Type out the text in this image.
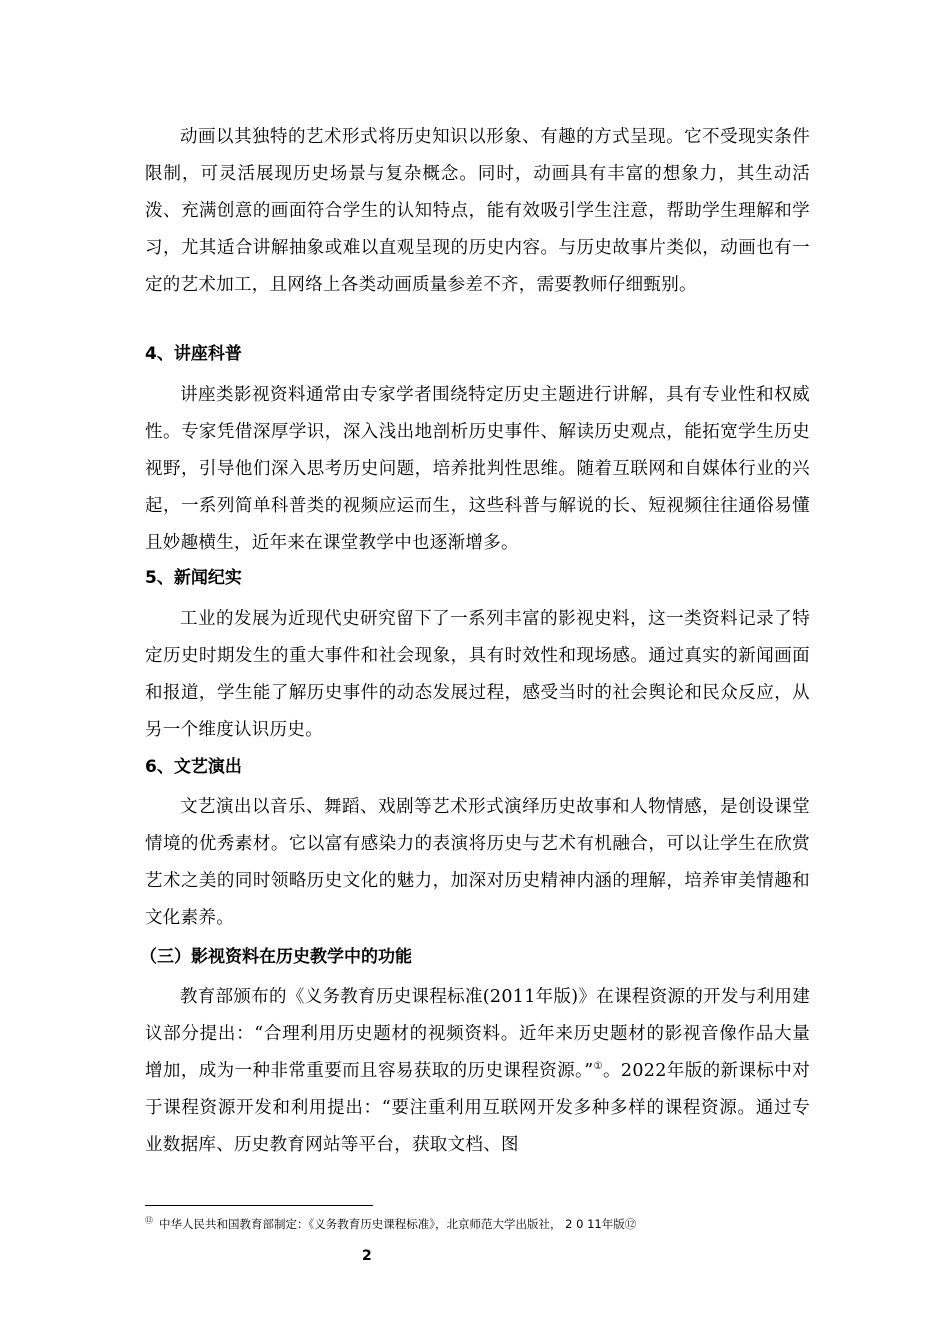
动画以其独特的艺术形式将历史知识以形象、有趣的方式呈现。它不受现实条件限制，可灵活展现历史场景与复杂概念。同时，动画具有丰富的想象力，其生动活泼、充满创意的画面符合学生的认知特点，能有效吸引学生注意，帮助学生理解和学习，尤其适合讲解抽象或难以直观呈现的历史内容。与历史故事片类似，动画也有一定的艺术加工，且网络上各类动画质量参差不齐，需要教师仔细甄别。

4、讲座科普

讲座类影视资料通常由专家学者围绕特定历史主题进行讲解，具有专业性和权威性。专家凭借深厚学识，深入浅出地剖析历史事件、解读历史观点，能拓宽学生历史视野，引导他们深入思考历史问题，培养批判性思维。随着互联网和自媒体行业的兴起，一系列简单科普类的视频应运而生，这些科普与解说的长、短视频往往通俗易懂且妙趣横生，近年来在课堂教学中也逐渐增多。

5、新闻纪实

工业的发展为近现代史研究留下了一系列丰富的影视史料，这一类资料记录了特定历史时期发生的重大事件和社会现象，具有时效性和现场感。通过真实的新闻画面和报道，学生能了解历史事件的动态发展过程，感受当时的社会舆论和民众反应，从另一个维度认识历史。

6、文艺演出

文艺演出以音乐、舞蹈、戏剧等艺术形式演绎历史故事和人物情感，是创设课堂情境的优秀素材。它以富有感染力的表演将历史与艺术有机融合，可以让学生在欣赏艺术之美的同时领略历史文化的魅力，加深对历史精神内涵的理解，培养审美情趣和文化素养。

（三）影视资料在历史教学中的功能

教育部颁布的《义务教育历史课程标准(2011年版)》在课程资源的开发与利用建议部分提出：“合理利用历史题材的视频资料。近年来历史题材的影视音像作品大量增加，成为一种非常重要而且容易获取的历史课程资源。”①。2022年版的新课标中对于课程资源开发和利用提出：“要注重利用互联网开发多种多样的课程资源。通过专业数据库、历史教育网站等平台，获取文档、图

⑫ 中华人民共和国教育部制定：《义务教育历史课程标准》，北京师范大学出版社， 2 0 11年版⑫
2
